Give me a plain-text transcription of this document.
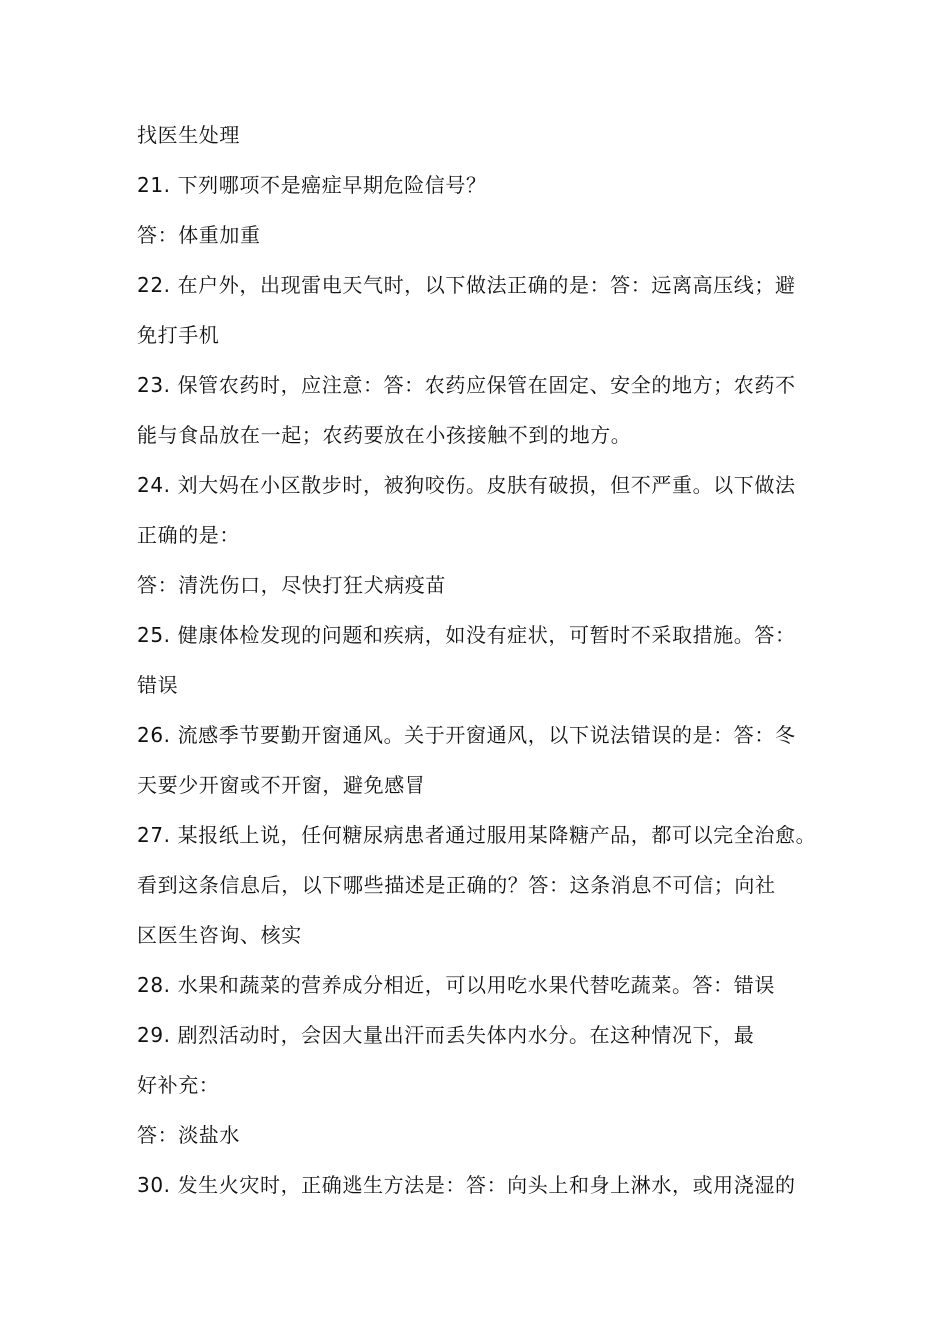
找医生处理
21. 下列哪项不是癌症早期危险信号？
答：体重加重
22. 在户外，出现雷电天气时，以下做法正确的是：答：远离高压线；避
免打手机
23. 保管农药时，应注意：答：农药应保管在固定、安全的地方；农药不
能与食品放在一起；农药要放在小孩接触不到的地方。
24. 刘大妈在小区散步时，被狗咬伤。皮肤有破损，但不严重。以下做法
正确的是：
答：清洗伤口，尽快打狂犬病疫苗
25. 健康体检发现的问题和疾病，如没有症状，可暂时不采取措施。答：
错误
26. 流感季节要勤开窗通风。关于开窗通风，以下说法错误的是：答：冬
天要少开窗或不开窗，避免感冒
27. 某报纸上说，任何糖尿病患者通过服用某降糖产品，都可以完全治愈。
看到这条信息后，以下哪些描述是正确的？答：这条消息不可信；向社
区医生咨询、核实
28. 水果和蔬菜的营养成分相近，可以用吃水果代替吃蔬菜。答：错误
29. 剧烈活动时，会因大量出汗而丢失体内水分。在这种情况下，最
好补充：
答：淡盐水
30. 发生火灾时，正确逃生方法是：答：向头上和身上淋水，或用浇湿的
